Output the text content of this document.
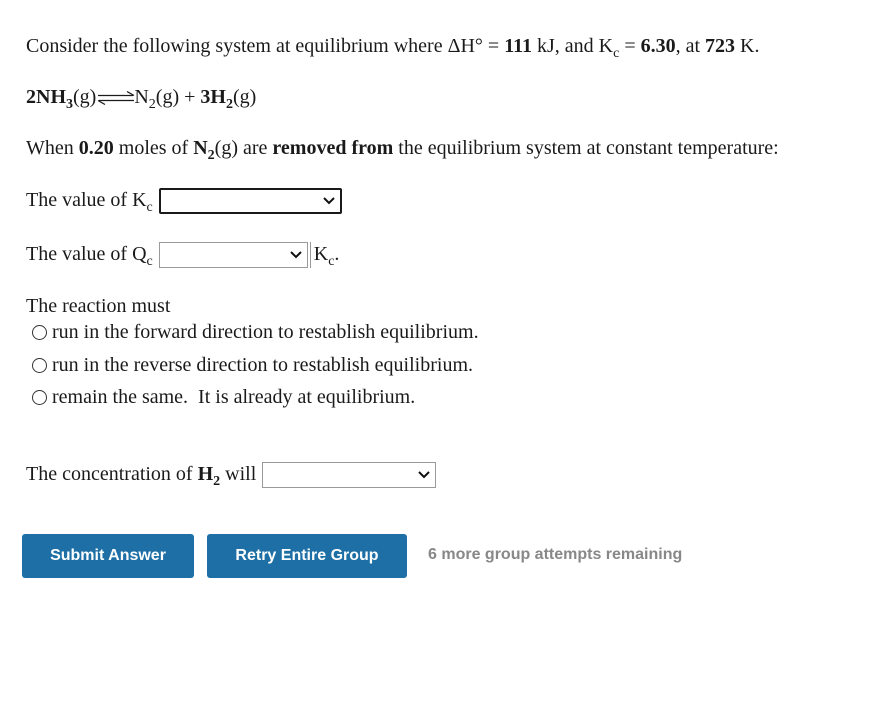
Consider the following system at equilibrium where ΔH° = 111 kJ, and $K_c = 6.30$, at 723 K.
$2NH_3(g)\rightleftharpoons N_2(g) + 3H_2(g)$
When 0.20 moles of $N_2(g)$ are removed from the equilibrium system at constant temperature:
The value of $K_c$
The value of $Q_c$	$K_c$.
The reaction must
run in the forward direction to restablish equilibrium.
run in the reverse direction to restablish equilibrium.
remain the same.  It is already at equilibrium.
The concentration of $H_2$ will
Submit Answer	Retry Entire Group	6 more group attempts remaining
